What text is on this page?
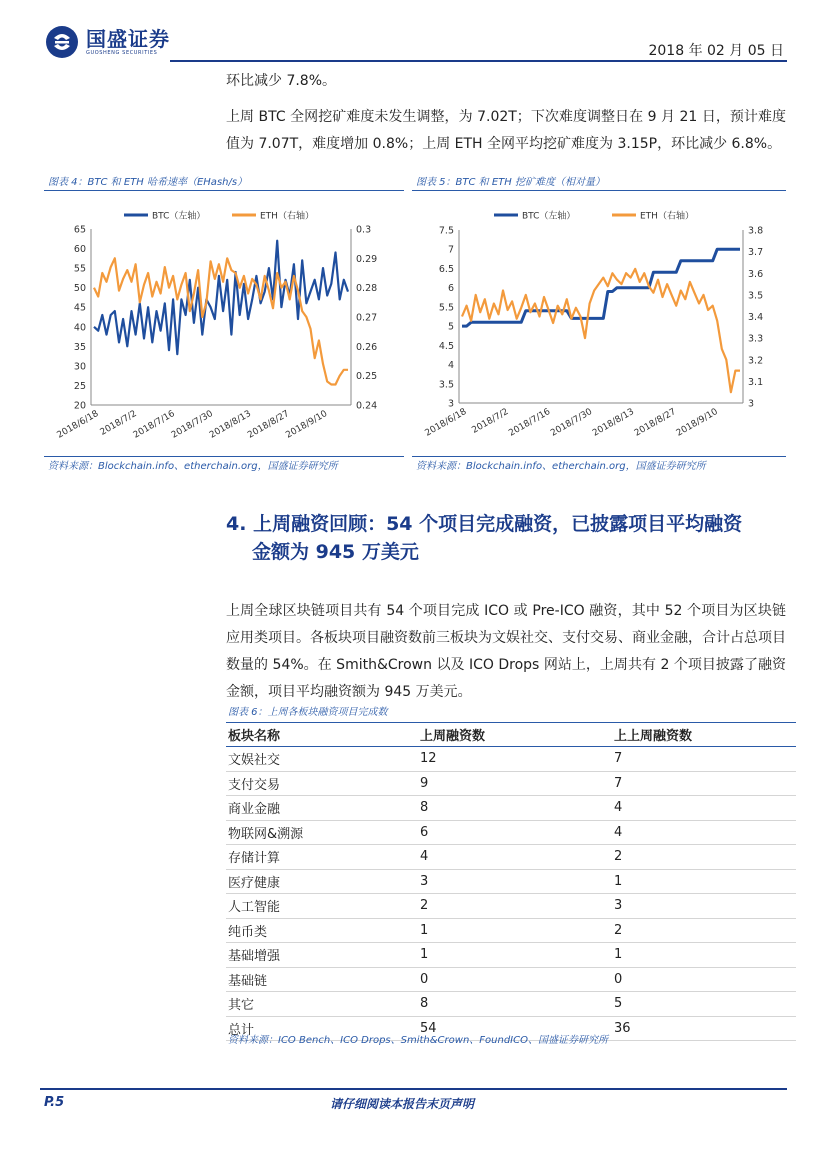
国盛证券
GUOSHENG SECURITIES	2018 年 02 月 05 日
环比减少 7.8%。
上周 BTC 全网挖矿难度未发生调整，为 7.02T；下次难度调整日在 9 月 21 日，预计难度值为 7.07T，难度增加 0.8%；上周 ETH 全网平均挖矿难度为 3.15P，环比减少 6.8%。
图表 4：BTC 和 ETH 哈希速率（EHash/s）
20
25
30
35
40
45
50
55
60
65
0.24
0.25
0.26
0.27
0.28
0.29
0.3
2018/6/18
2018/7/2
2018/7/16
2018/7/30
2018/8/13
2018/8/27
2018/9/10
BTC（左轴）	ETH（右轴）
资料来源：Blockchain.info、etherchain.org，国盛证券研究所
图表 5：BTC 和 ETH 挖矿难度（相对量）
3
3.5
4
4.5
5
5.5
6
6.5
7
7.5
3
3.1
3.2
3.3
3.4
3.5
3.6
3.7
3.8
2018/6/18 2018/7/2
2018/7/16
2018/7/30
2018/8/13
2018/8/27
2018/9/10
BTC（左轴）	ETH（右轴）
资料来源：Blockchain.info、etherchain.org，国盛证券研究所
4. 上周融资回顾：54 个项目完成融资，已披露项目平均融资
金额为 945 万美元
上周全球区块链项目共有 54 个项目完成 ICO 或 Pre-ICO 融资，其中 52 个项目为区块链应用类项目。各板块项目融资数前三板块为文娱社交、支付交易、商业金融，合计占总项目数量的 54%。在 Smith&Crown 以及 ICO Drops 网站上，上周共有 2 个项目披露了融资金额，项目平均融资额为 945 万美元。
图表 6：上周各板块融资项目完成数
板块名称	上周融资数	上上周融资数
文娱社交	12	7
支付交易	9	7
商业金融	8	4
物联网&溯源	6	4
存储计算	4	2
医疗健康	3	1
人工智能	2	3
纯币类	1	2
基础增强	1	1
基础链	0	0
其它	8	5
总计	54	36
资料来源：ICO Bench、ICO Drops、Smith&Crown、FoundICO、国盛证券研究所
P.5	请仔细阅读本报告末页声明
